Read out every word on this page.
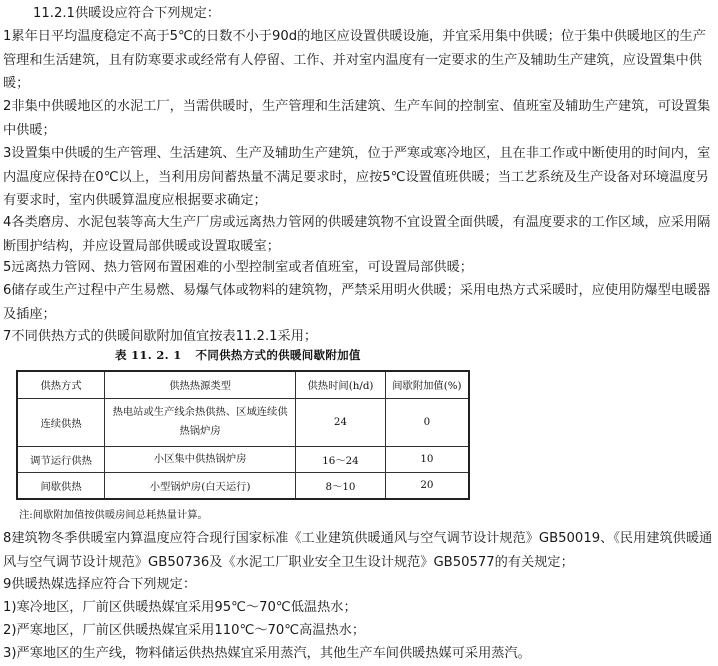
11.2.1供暖设应符合下列规定：

1累年日平均温度稳定不高于5℃的日数不小于90d的地区应设置供暖设施，并宜采用集中供暖；位于集中供暖地区的生产管理和生活建筑，且有防寒要求或经常有人停留、工作、并对室内温度有一定要求的生产及辅助生产建筑，应设置集中供暖；

2非集中供暖地区的水泥工厂，当需供暖时，生产管理和生活建筑、生产车间的控制室、值班室及辅助生产建筑，可设置集中供暖；

3设置集中供暖的生产管理、生活建筑、生产及辅助生产建筑，位于严寒或寒冷地区，且在非工作或中断使用的时间内，室内温度应保持在0℃以上，当利用房间蓄热量不满足要求时，应按5℃设置值班供暖；当工艺系统及生产设备对环境温度另有要求时，室内供暖算温度应根据要求确定；

4各类磨房、水泥包装等高大生产厂房或远离热力管网的供暖建筑物不宜设置全面供暖，有温度要求的工作区域，应采用隔断围护结构，并应设置局部供暖或设置取暖室；

5远离热力管网、热力管网布置困难的小型控制室或者值班室，可设置局部供暖；

6储存或生产过程中产生易燃、易爆气体或物料的建筑物，严禁采用明火供暖；采用电热方式采暖时，应使用防爆型电暖器及插座；

7不同供热方式的供暖间歇附加值宜按表11.2.1采用；

表 11. 2. 1 不同供热方式的供暖间歇附加值
供热方式	供热热源类型	供热时间(h/d)	间歇附加值(%)
连续供热	热电站或生产线余热供热、区域连续供热锅炉房	24	0
调节运行供热	小区集中供热锅炉房	16～24	10
间歇供热	小型锅炉房(白天运行)	8～10	20
注:间歇附加值按供暖房间总耗热量计算。

8建筑物冬季供暖室内算温度应符合现行国家标准《工业建筑供暖通风与空气调节设计规范》GB50019、《民用建筑供暖通风与空气调节设计规范》GB50736及《水泥工厂职业安全卫生设计规范》GB50577的有关规定；

9供暖热媒选择应符合下列规定：

1)寒冷地区，厂前区供暖热媒宜采用95℃～70℃低温热水；

2)严寒地区，厂前区供暖热媒宜采用110℃～70℃高温热水；

3)严寒地区的生产线，物料储运供热热媒宜采用蒸汽，其他生产车间供暖热媒可采用蒸汽。
